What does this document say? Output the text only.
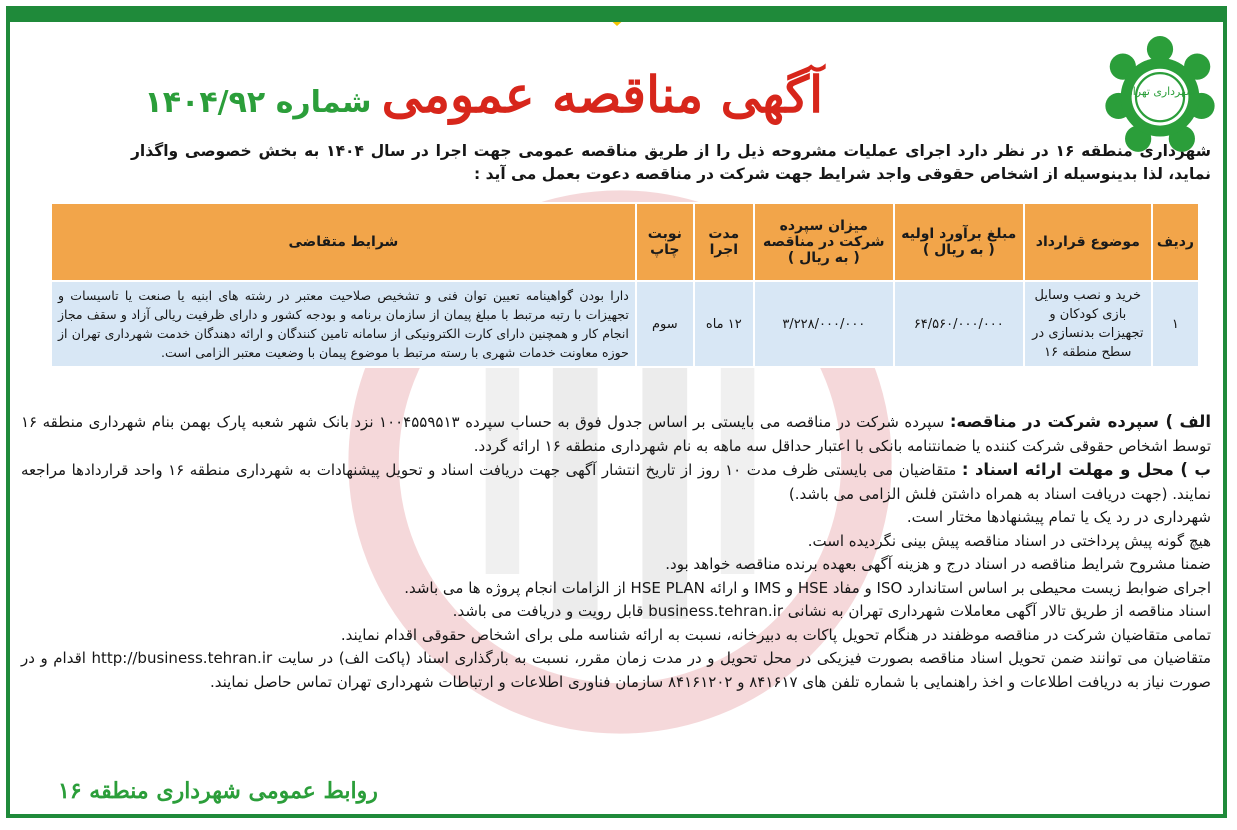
شهرداری تهران
آگهی مناقصه عمومی
شماره ۱۴۰۴/۹۲
شهرداری منطقه ۱۶ در نظر دارد اجرای عملیات مشروحه ذیل را از طریق مناقصه عمومی جهت اجرا در سال ۱۴۰۴ به بخش خصوصی واگذار نماید، لذا بدینوسیله از اشخاص حقوقی واجد شرایط جهت شرکت در مناقصه دعوت بعمل می آید :
ردیف	موضوع قرارداد	مبلغ برآورد اولیه ( به ریال )	میزان سپرده شرکت در مناقصه ( به ریال )	مدت اجرا	نوبت چاپ	شرایط متقاضی
۱	خرید و نصب وسایل بازی کودکان و تجهیزات بدنسازی در سطح منطقه ۱۶	۶۴/۵۶۰/۰۰۰/۰۰۰	۳/۲۲۸/۰۰۰/۰۰۰	۱۲ ماه	سوم	دارا بودن گواهینامه تعیین توان فنی و تشخیص صلاحیت معتبر در رشته های ابنیه یا صنعت یا تاسیسات و تجهیزات با رتبه مرتبط با مبلغ پیمان از سازمان برنامه و بودجه کشور و دارای ظرفیت ریالی آزاد و سقف مجاز انجام کار و همچنین دارای کارت الکترونیکی از سامانه تامین کنندگان و ارائه دهندگان خدمت شهرداری تهران از حوزه معاونت خدمات شهری با رسته مرتبط با موضوع پیمان با وضعیت معتبر الزامی است.

الف ) سپرده شرکت در مناقصه: سپرده شرکت در مناقصه می بایستی بر اساس جدول فوق به حساب سپرده ۱۰۰۴۵۵۹۵۱۳ نزد بانک شهر شعبه پارک بهمن بنام شهرداری منطقه ۱۶ توسط اشخاص حقوقی شرکت کننده یا ضمانتنامه بانکی با اعتبار حداقل سه ماهه به نام شهرداری منطقه ۱۶ ارائه گردد.

ب ) محل و مهلت ارائه اسناد : متقاضیان می بایستی ظرف مدت ۱۰ روز از تاریخ انتشار آگهی جهت دریافت اسناد و تحویل پیشنهادات به شهرداری منطقه ۱۶ واحد قراردادها مراجعه نمایند. (جهت دریافت اسناد به همراه داشتن فلش الزامی می باشد.)

شهرداری در رد یک یا تمام پیشنهادها مختار است.

هیچ گونه پیش پرداختی در اسناد مناقصه پیش بینی نگردیده است.

ضمنا مشروح شرایط مناقصه در اسناد درج و هزینه آگهی بعهده برنده مناقصه خواهد بود.

اجرای ضوابط زیست محیطی بر اساس استاندارد ISO و مفاد HSE و IMS و ارائه HSE PLAN از الزامات انجام پروژه ها می باشد.

اسناد مناقصه از طریق تالار آگهی معاملات شهرداری تهران به نشانی business.tehran.ir قابل رویت و دریافت می باشد.

تمامی متقاضیان شرکت در مناقصه موظفند در هنگام تحویل پاکات به دبیرخانه، نسبت به ارائه شناسه ملی برای اشخاص حقوقی اقدام نمایند.

متقاضیان می توانند ضمن تحویل اسناد مناقصه بصورت فیزیکی در محل تحویل و در مدت زمان مقرر، نسبت به بارگذاری اسناد (پاکت الف) در سایت http://business.tehran.ir اقدام و در صورت نیاز به دریافت اطلاعات و اخذ راهنمایی با شماره تلفن های ۸۴۱۶۱۷ و ۸۴۱۶۱۲۰۲ سازمان فناوری اطلاعات و ارتباطات شهرداری تهران تماس حاصل نمایند.

روابط عمومی شهرداری منطقه ۱۶
